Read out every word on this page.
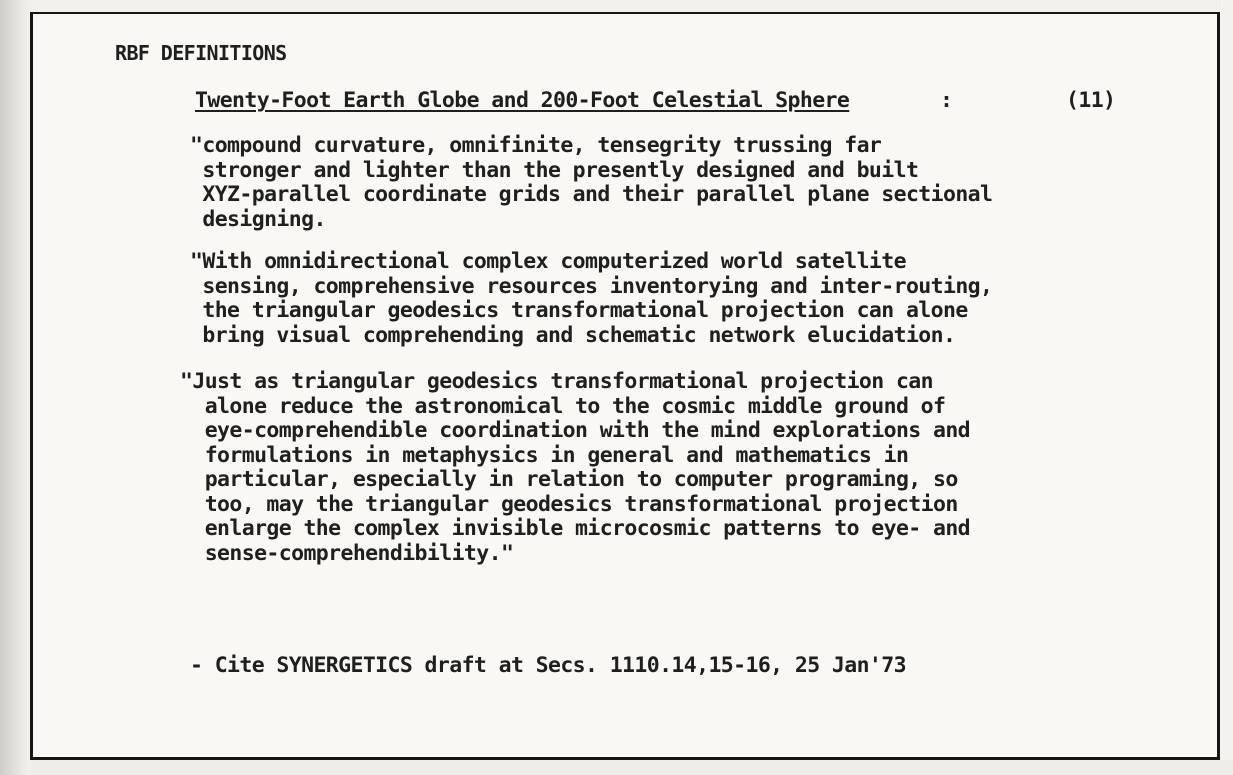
RBF DEFINITIONS
Twenty-Foot Earth Globe and 200-Foot Celestial Sphere	:	(11)
"compound curvature, omnifinite, tensegrity trussing far
stronger and lighter than the presently designed and built
XYZ-parallel coordinate grids and their parallel plane sectional
designing.
"With omnidirectional complex computerized world satellite
sensing, comprehensive resources inventorying and inter-routing,
the triangular geodesics transformational projection can alone
bring visual comprehending and schematic network elucidation.
"Just as triangular geodesics transformational projection can
alone reduce the astronomical to the cosmic middle ground of
eye-comprehendible coordination with the mind explorations and
formulations in metaphysics in general and mathematics in
particular, especially in relation to computer programing, so
too, may the triangular geodesics transformational projection
enlarge the complex invisible microcosmic patterns to eye- and
sense-comprehendibility."
- Cite SYNERGETICS draft at Secs. 1110.14,15-16, 25 Jan'73
